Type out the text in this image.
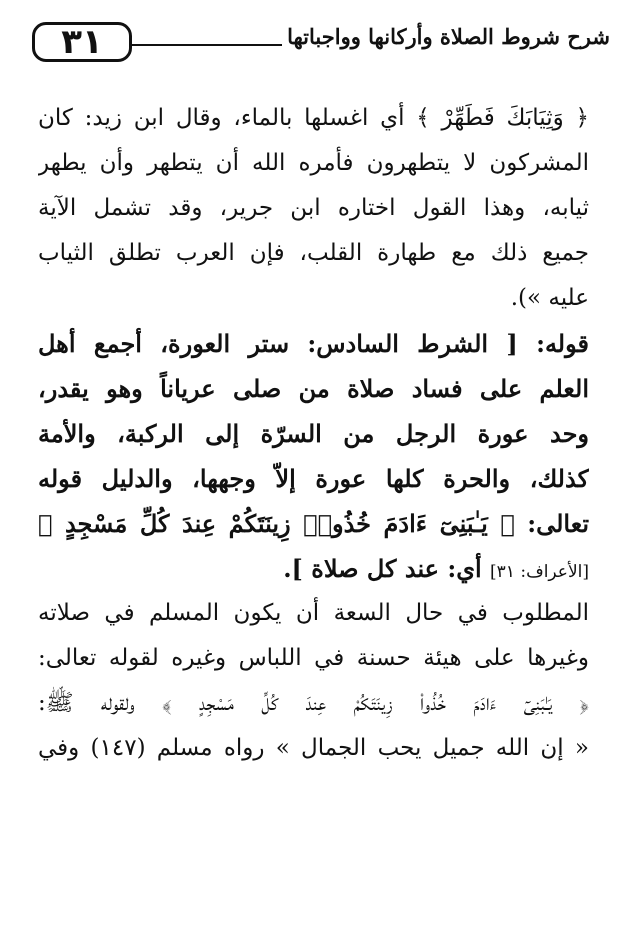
٣١	شرح شروط الصلاة وأركانها وواجباتها
﴿ وَثِيَابَكَ فَطَهِّرْ ﴾ أي اغسلها بالماء، وقال ابن زيد: كان
المشركون لا يتطهرون فأمره الله أن يتطهر وأن يطهر
ثيابه، وهذا القول اختاره ابن جرير، وقد تشمل الآية
جميع ذلك مع طهارة القلب، فإن العرب تطلق الثياب
عليه »).
قوله: [ الشرط السادس: ستر العورة، أجمع أهل
العلم على فساد صلاة من صلى عرياناً وهو يقدر،
وحد عورة الرجل من السرّة إلى الركبة، والأمة
كذلك، والحرة كلها عورة إلاّ وجهها، والدليل قوله
تعالى: ﴿ يَـٰبَنِىٓ ءَادَمَ خُذُوا۟ زِينَتَكُمْ عِندَ كُلِّ مَسْجِدٍ ﴾
[الأعراف: ٣١] أي: عند كل صلاة ].
المطلوب في حال السعة أن يكون المسلم في صلاته
وغيرها على هيئة حسنة في اللباس وغيره لقوله تعالى:
﴿ يَـٰبَنِىٓ ءَادَمَ خُذُوا۟ زِينَتَكُمْ عِندَ كُلِّ مَسْجِدٍ ﴾ ولقوله ﷺ:
« إن الله جميل يحب الجمال » رواه مسلم (١٤٧) وفي
